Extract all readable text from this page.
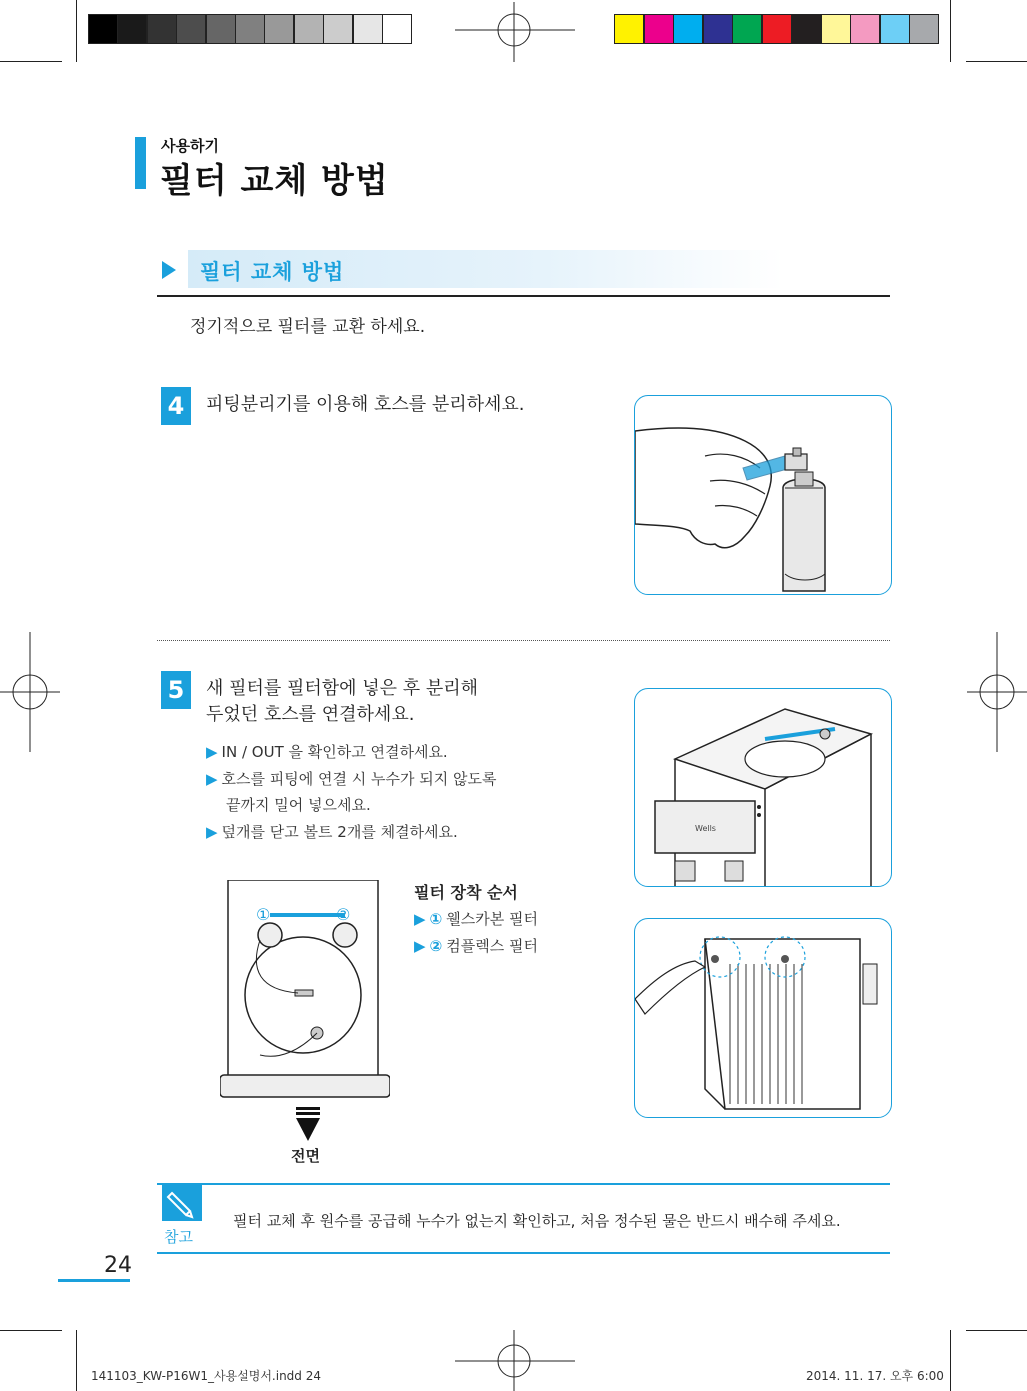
사용하기
필터 교체 방법
필터 교체 방법
정기적으로 필터를 교환 하세요.
4	피팅분리기를 이용해 호스를 분리하세요.
5	새 필터를 필터함에 넣은 후 분리해
두었던 호스를 연결하세요.
▶ IN / OUT 을 확인하고 연결하세요.
▶ 호스를 피팅에 연결 시 누수가 되지 않도록
끝까지 밀어 넣으세요.
▶ 덮개를 닫고 볼트 2개를 체결하세요.	Wells
①	②
전면
필터 장착 순서
▶ ① 웰스카본 필터
▶ ② 컴플렉스 필터
참고
필터 교체 후 원수를 공급해 누수가 없는지 확인하고, 처음 정수된 물은 반드시 배수해 주세요.
24
141103_KW-P16W1_사용설명서.indd 24	2014. 11. 17. 오후 6:00
